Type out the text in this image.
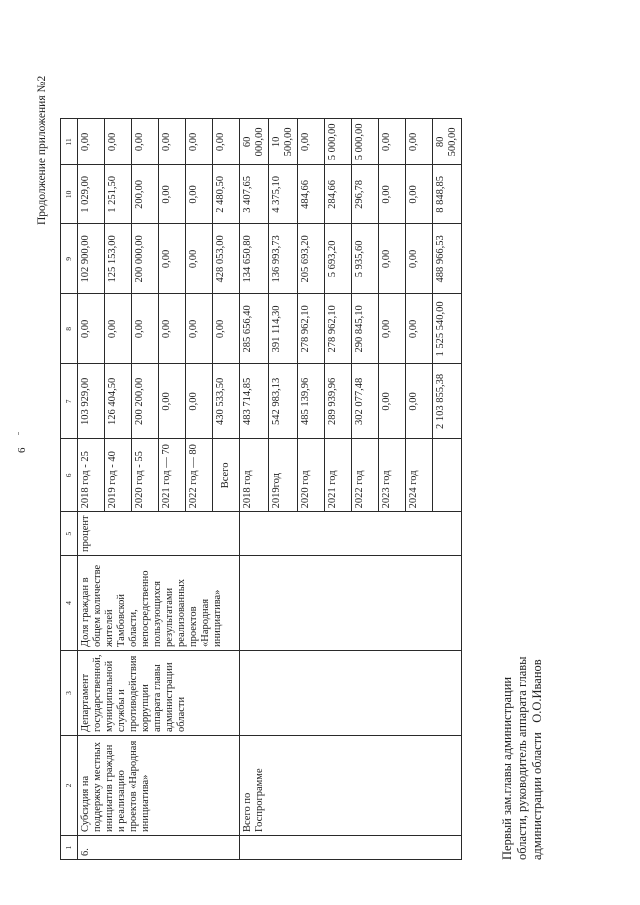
6
Продолжение приложения №2
1	2	3	4	5	6	7	8	9	10	11
6.	Субсидия на поддержку местных инициатив граждан и реализацию проектов «Народная инициатива»	Департамент государственной, муниципальной службы и противодействия коррупции аппарата главы администрации области	Доля граждан в общем количестве жителей Тамбовской области, непосредственно пользующихся результатами реализованных проектов «Народная инициатива»	процент	2018 год - 25	103 929,00	0,00	102 900,00	1 029,00	0,00
					2019 год - 40	126 404,50	0,00	125 153,00	1 251,50	0,00
					2020 год - 55	200 200,00	0,00	200 000,00	200,00	0,00
					2021 год — 70	0,00	0,00	0,00	0,00	0,00
					2022 год — 80	0,00	0,00	0,00	0,00	0,00
					Всего	430 533,50	0,00	428 053,00	2 480,50	0,00
	Всего по Госпрограмме				2018 год	483 714,85	285 656,40	134 650,80	3 407,65	60 000,00
					2019год	542 983,13	391 114,30	136 993,73	4 375,10	10 500,00
					2020 год	485 139,96	278 962,10	205 693,20	484,66	0,00
					2021 год	289 939,96	278 962,10	5 693,20	284,66	5 000,00
					2022 год	302 077,48	290 845,10	5 935,60	296,78	5 000,00
					2023 год	0,00	0,00	0,00	0,00	0,00
					2024 год	0,00	0,00	0,00	0,00	0,00
						2 103 855,38	1 525 540,00	488 966,53	8 848,85	80 500,00
Первый зам.главы администрации области, руководитель аппарата главы администрации области   О.О.Иванов
